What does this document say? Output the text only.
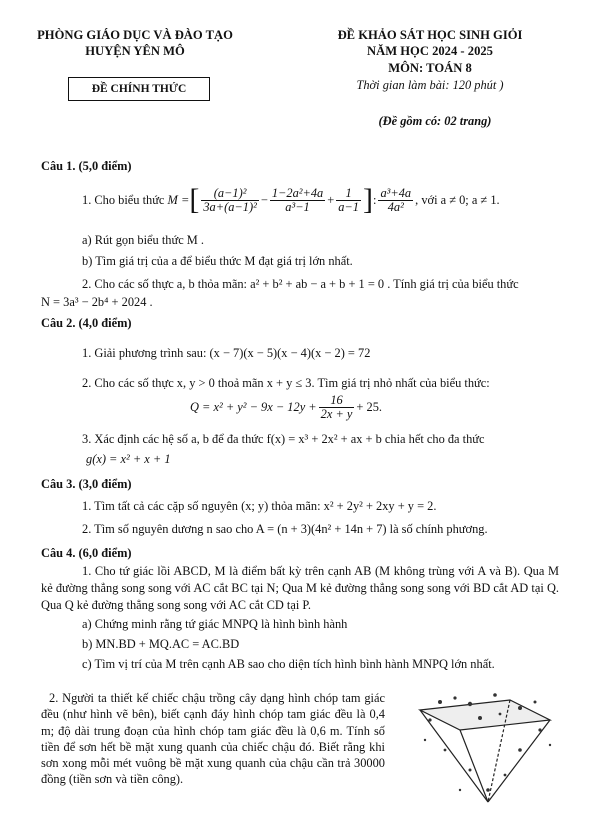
PHÒNG GIÁO DỤC VÀ ĐÀO TẠO
HUYỆN YÊN MÔ
ĐỀ CHÍNH THỨC
ĐỀ KHẢO SÁT HỌC SINH GIỎI
NĂM HỌC 2024 - 2025
MÔN: TOÁN 8
Thời gian làm bài: 120 phút )
(Đề gồm có: 02 trang)
Câu 1. (5,0 điểm)
1. Cho biểu thức
M = [ $\frac{\text{(a−1)²}}{\text{3a+(a−1)²}} - \frac{\text{1−2a²+4a}}{\text{a³−1}} + \frac{1}{a-1}$ ] : $\frac{\text{a³+4a}}{\text{4a²}}$ , với a ≠ 0; a ≠ 1.
a) Rút gọn biểu thức M .
b) Tìm giá trị của a để biểu thức M đạt giá trị lớn nhất.
2. Cho các số thực a, b thỏa mãn: a² + b² + ab − a + b + 1 = 0 . Tính giá trị của biểu thức
N = 3a³ − 2b⁴ + 2024 .
Câu 2. (4,0 điểm)
1. Giải phương trình sau: (x − 7)(x − 5)(x − 4)(x − 2) = 72
2. Cho các số thực x, y > 0 thoả mãn x + y ≤ 3. Tìm giá trị nhỏ nhất của biểu thức:
$Q = x^2 + y^2 - 9x - 12y + \frac{16}{2x + y} + 25$.
3. Xác định các hệ số a, b để đa thức f(x) = x³ + 2x² + ax + b chia hết cho đa thức
g(x) = x² + x + 1
Câu 3. (3,0 điểm)
1. Tìm tất cả các cặp số nguyên (x; y) thỏa mãn: x² + 2y² + 2xy + y = 2.
2. Tìm số nguyên dương n sao cho A = (n + 3)(4n² + 14n + 7) là số chính phương.
Câu 4. (6,0 điểm)
1. Cho tứ giác lồi ABCD, M là điểm bất kỳ trên cạnh AB (M không trùng với A và B). Qua M kẻ đường thẳng song song với AC cắt BC tại N; Qua M kẻ đường thẳng song song với BD cắt AD tại Q. Qua Q kẻ đường thẳng song song với AC cắt CD tại P.
a) Chứng minh rằng tứ giác MNPQ là hình bình hành
b) MN.BD + MQ.AC = AC.BD
c) Tìm vị trí của M trên cạnh AB sao cho diện tích hình bình hành MNPQ lớn nhất.
2. Người ta thiết kế chiếc chậu trồng cây dạng hình chóp tam giác đều (như hình vẽ bên), biết cạnh đáy hình chóp tam giác đều là 0,4 m; độ dài trung đoạn của hình chóp tam giác đều là 0,6 m. Tính số tiền để sơn hết bề mặt xung quanh của chiếc chậu đó. Biết rằng khi sơn xong mỗi mét vuông bề mặt xung quanh của chậu cần trả 30000 đồng (tiền sơn và tiền công).
